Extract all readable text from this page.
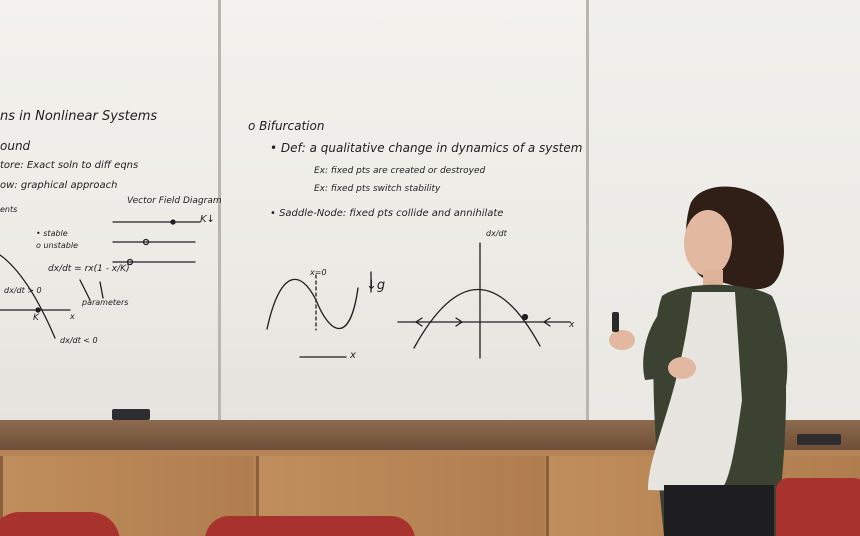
ns in Nonlinear Systems
ound
tore: Exact soln to diff eqns
ow: graphical approach
ents
Vector Field Diagram
K↓
• stable
o unstable
dx/dt = rx(1 - x/K)
parameters
dx/dt > 0
dx/dt < 0
x
K
o Bifurcation
• Def: a qualitative change in dynamics of a system
Ex: fixed pts are created or destroyed
Ex: fixed pts switch stability
• Saddle-Node: fixed pts collide and annihilate
x=0
↓g
x
dx/dt
x
